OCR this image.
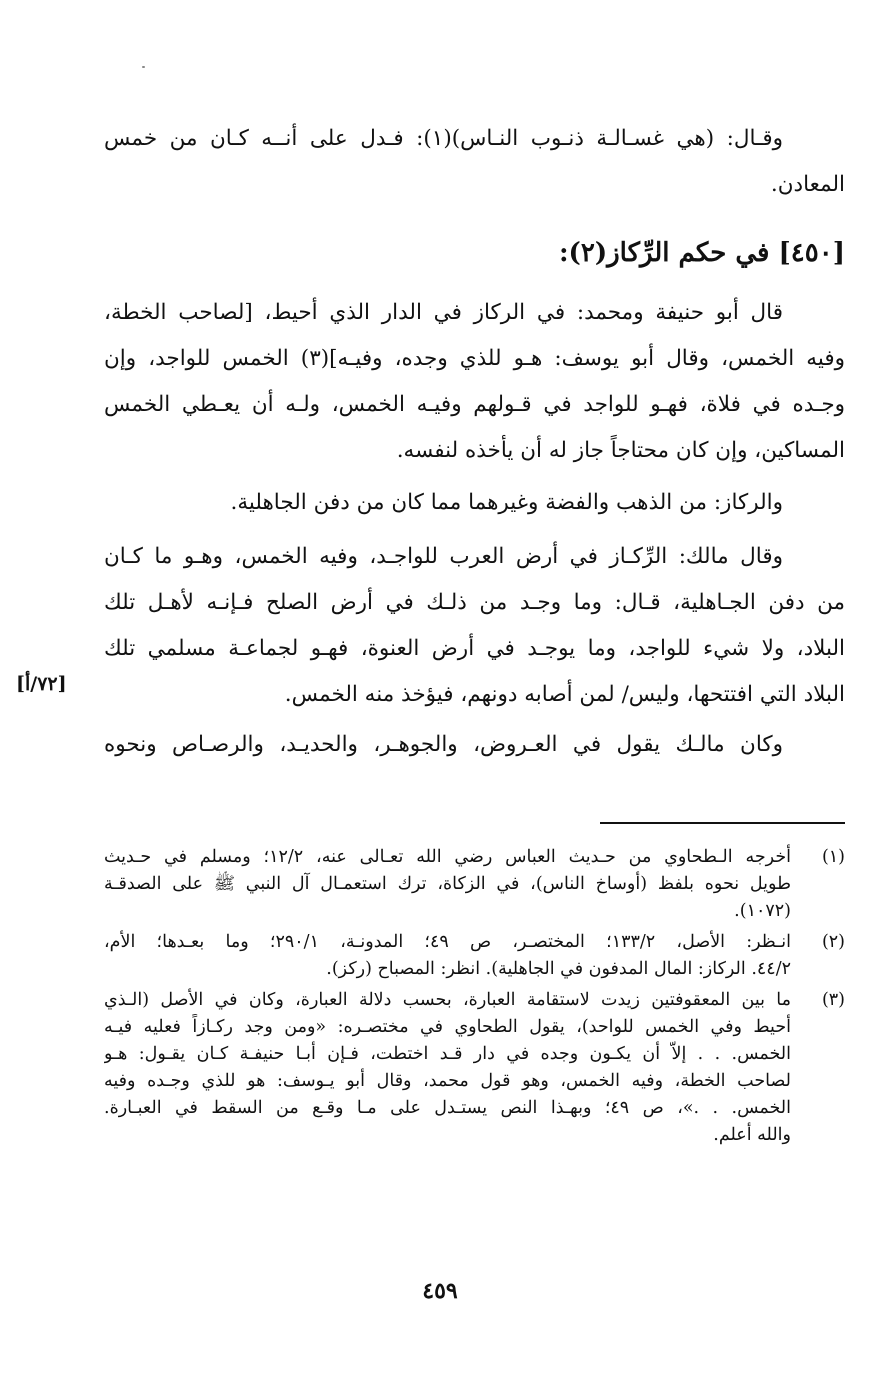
وقـال: (هي غسـالـة ذنـوب النـاس)(١): فـدل على أنــه كـان من خمس
المعادن.
[٤٥٠] في حكم الرِّكاز(٢):
قال أبو حنيفة ومحمد: في الركاز في الدار الذي أحيط، [لصاحب الخطة،
وفيه الخمس، وقال أبو يوسف: هـو للذي وجده، وفيـه](٣) الخمس للواجد، وإن
وجـده في فلاة، فهـو للواجد في قـولهم وفيـه الخمس، ولـه أن يعـطي الخمس
المساكين، وإن كان محتاجاً جاز له أن يأخذه لنفسه.
والركاز: من الذهب والفضة وغيرهما مما كان من دفن الجاهلية.
وقال مالك: الرِّكـاز في أرض العرب للواجـد، وفيه الخمس، وهـو ما كـان
من دفن الجـاهلية، قـال: وما وجـد من ذلـك في أرض الصلح فـإنـه لأهـل تلك
البلاد، ولا شيء للواجد، وما يوجـد في أرض العنوة، فهـو لجماعـة مسلمي تلك
البلاد التي افتتحها، وليس/ لمن أصابه دونهم، فيؤخذ منه الخمس.
[٧٢/أ]
وكان مالـك يقول في العـروض، والجوهـر، والحديـد، والرصـاص ونحوه
(١)
أخرجه الـطحاوي من حـديث العباس رضي الله تعـالى عنه، ١٢/٢؛ ومسلم في حـديث
طويل نحوه بلفظ (أوساخ الناس)، في الزكاة، ترك استعمـال آل النبي ﷺ على الصدقـة
(١٠٧٢).
(٢)
انـظر: الأصل، ١٣٣/٢؛ المختصـر، ص ٤٩؛ المدونـة، ٢٩٠/١؛ وما بعـدها؛ الأم،
٤٤/٢. الركاز: المال المدفون في الجاهلية). انظر: المصباح (ركز).
(٣)
ما بين المعقوفتين زيدت لاستقامة العبارة، بحسب دلالة العبارة، وكان في الأصل (الـذي
أحيط وفي الخمس للواحد)، يقول الطحاوي في مختصـره: «ومن وجد ركـازاً فعليه فيـه
الخمس. . . إلاَّ أن يكـون وجده في دار قـد اختطت، فـإن أبـا حنيفـة كـان يقـول: هـو
لصاحب الخطة، وفيه الخمس، وهو قول محمد، وقال أبو يـوسف: هو للذي وجـده وفيه
الخمس. . .»، ص ٤٩؛ وبهـذا النص يستـدل على مـا وقـع من السقط في العبـارة.
والله أعلم.
٤٥٩
